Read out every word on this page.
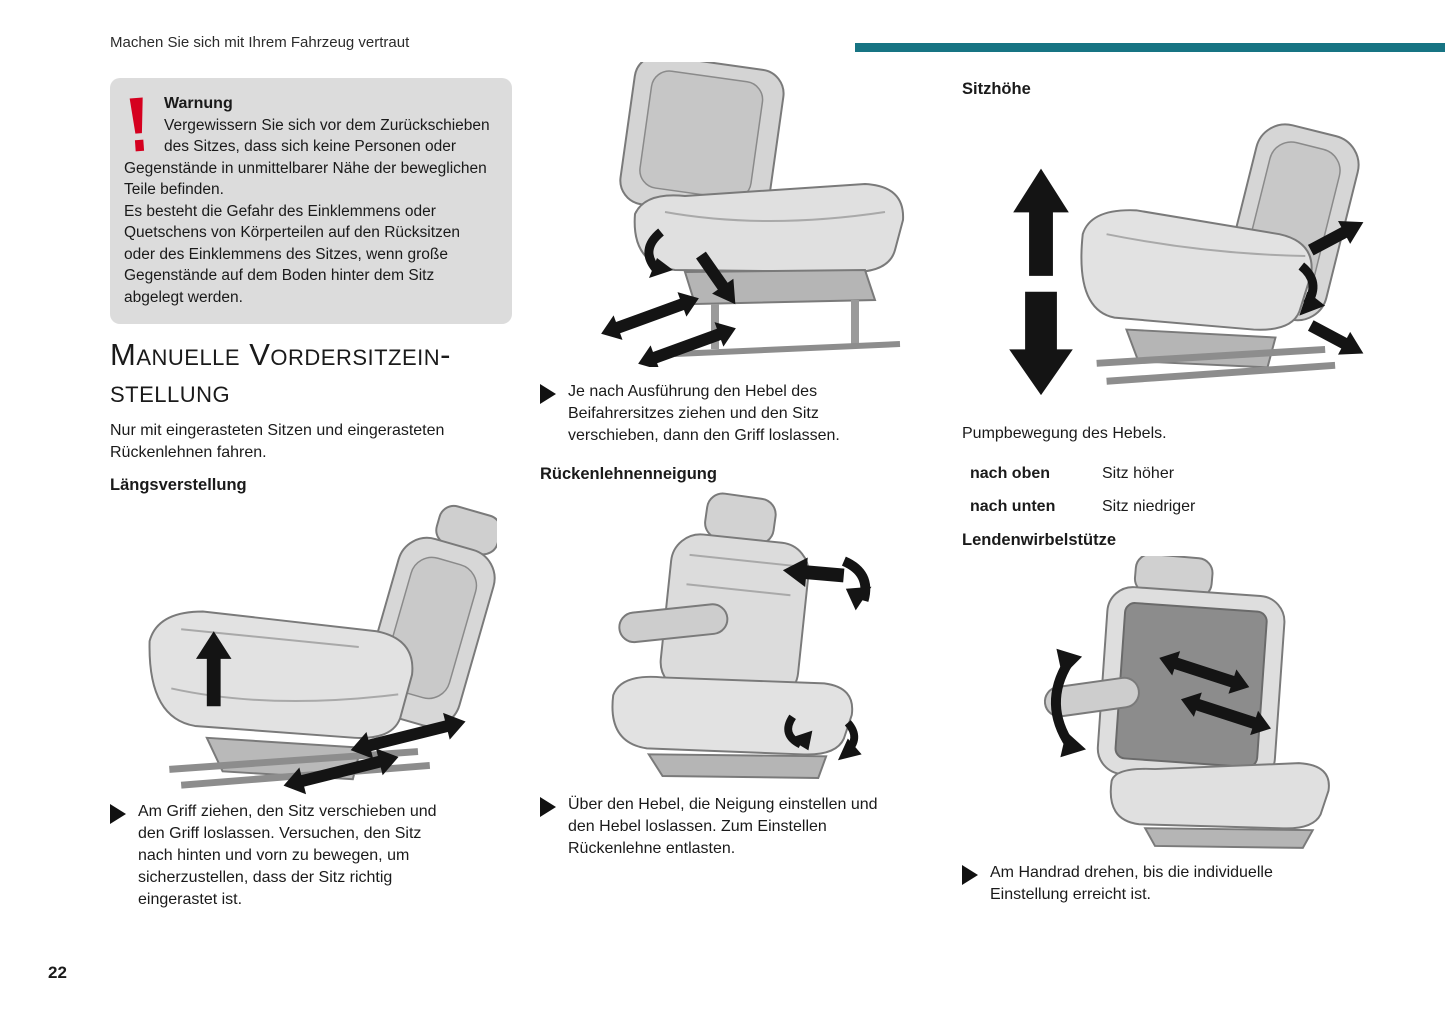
Machen Sie sich mit Ihrem Fahrzeug vertraut
Warnung

Vergewissern Sie sich vor dem Zurückschieben des Sitzes, dass sich keine Personen oder Gegenstände in unmittelbarer Nähe der beweglichen Teile befinden.

Es besteht die Gefahr des Einklemmens oder Quetschens von Körperteilen auf den Rücksitzen oder des Einklemmens des Sitzes, wenn große Gegenstände auf dem Boden hinter dem Sitz abgelegt werden.

Manuelle Vordersitzein-
stellung

Nur mit eingerasteten Sitzen und eingerasteten Rückenlehnen fahren.

Längsverstellung
Am Griff ziehen, den Sitz verschieben und den Griff loslassen. Versuchen, den Sitz nach hinten und vorn zu bewegen, um sicherzustellen, dass der Sitz richtig eingerastet ist.
Je nach Ausführung den Hebel des Beifahrersitzes ziehen und den Sitz verschieben, dann den Griff loslassen.
Rückenlehnenneigung
Über den Hebel, die Neigung einstellen und den Hebel loslassen. Zum Einstellen Rückenlehne entlasten.
Sitzhöhe

Pumpbewegung des Hebels.

nach oben	Sitz höher
nach unten	Sitz niedriger
Lendenwirbelstütze
Am Handrad drehen, bis die individuelle Einstellung erreicht ist.
22
